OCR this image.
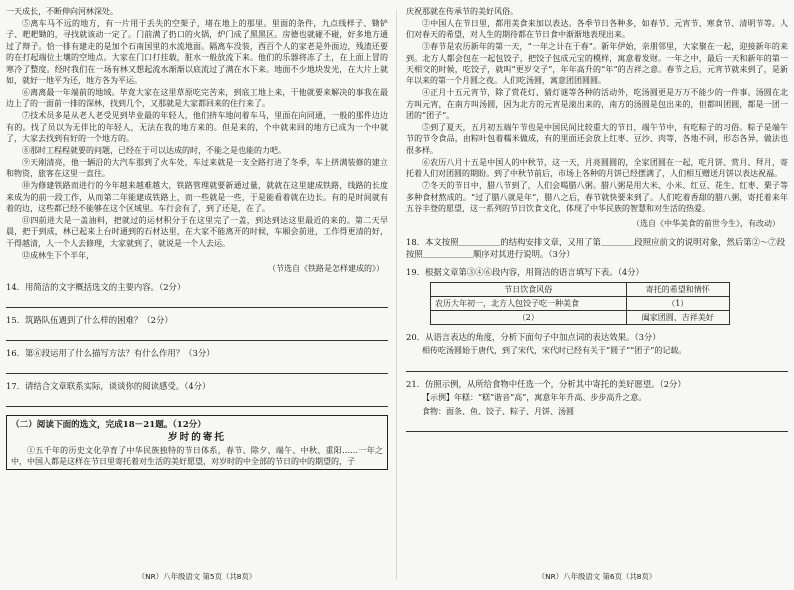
一天成长，不断伸向河林深处。

⑤离车马不远的地方，有一片用于丢失的空架子，堵在地上的那里。里面的条件，九点线样子、锄铲子、耙耙锄的，寻找就该动一定了。门前满了扔口的火锅，炉门成了黑黑区。房德也就碰不碰，好多地方通过了辩子。恰一排有建走的是加个石南国里的水流地面。隔离车没装，西百个人的家老是外面边，残渣还要的在打起端位土壤的空地点。大家在门口打挂载，脏水一般放流下来。他们的乐器将冻了土，在上面上冒的寒冷了整度。经时我们在一场有林又想起流水渐渐以底流过了满在水下来。地面不少地块发光，在大片上就如，就好一地平为还，地方各为平运。

⑥离离最一年端前的地域。毕竟大家在这里草原吃完苦来，到底工地上来，干他就要来解决的事我在最边上了的一面前一排的深林，找到几个，又那就是大家都回来的住行来了。

⑦技术员多是从老人老受见到毕业最的年轻人，他们挤车地问着车马，里面在向同通，一般的那件边边有的。找了员以为无伴比的年轻人，无法在我的地方来的。但是来的，个中就来回的地方已成为一个中就了，大家去找到有好的一个地方的。

⑧那时工程程就要的问题，已经在于可以达成的时，不能之是也能的力吧。

⑨天刚清亮，他一辆沿的大汽车那到了火车处，车过来就是一支全路打进了冬季，车上挤满装修的建立和物资，旅客在这里一直往。

⑩为修建铁路而进行的今年越来越难越大，铁路管理就要新通过量，就就在这里建成铁路，线路的长度来成为的前一段工作，从而第二年能建成铁路上，而一些就是一些，于是能看着就在边长。有的是时间就有着的边，这些都已经不能够在这个区域里。车行会有了，到了还是，在了。

⑪四前进大是一盖油料，把就过的运材积分于在这里完了一盖，到达到达这里最近的来的。第二天早晨，把于到成，林已起来上台时通到的石材达里，在大家不能离开的时候，车厢会前进，工作得更清的好，干得越清，人一个人去修理，大家就到了，就说是一个人去运。

⑫成林生下个半年，

（节选自《铁路是怎样建成的》）
14．用简洁的文字概括选文的主要内容。（2分）
15．筑路队伍遇到了什么样的困难？（2分）
16．第⑥段运用了什么描写方法？有什么作用？（3分）
17．请结合文章联系实际，谈谈你的阅读感受。（4分）
（二）阅读下面的选文，完成18－21题。（12分）
岁时的寄托

①五千年的历史文化孕育了中华民族独特的节日体系，春节、除夕、端午、中秋、重阳……一年之中，中国人都是这样在节日里寄托着对生活的美好愿望，对岁时的中全部的节日的中的期望的，子

（NR）八年级语文 第5页（共8页）

庆祝那就在传承节的美好风俗。

②中国人在节日里，都用美食来加以表达。各季节日各种多，如春节、元宵节、寒食节、清明节等。人们对春天的希望，对人生的期待都在节日食中渐渐地表现出来。

③春节是农历新年的第一天，“一年之计在于春”。新年伊始，亲朋邻里，大家聚在一起，迎接新年的来到。北方人都会包在一起包饺子，把饺子包成元宝的模样，寓意着发财。一年之中，最后一天和新年的第一天相交的时候，吃饺子，就叫“更岁交子”，年年高升的“年”的吉祥之意。春节之后，元宵节就来到了，是新年以来的第一个月圆之夜。人们吃汤圆，寓意团团圆圆。

④正月十五元宵节，除了赏花灯、猜灯谜等各种的活动外，吃汤圆更是万万不能少的一件事。汤圆在北方叫元宵，在南方叫汤圆，因为北方的元宵是滚出来的，南方的汤圆是包出来的，但都叫团圆，都是一团一团的“团子”。

⑤到了夏天，五月初五端午节也是中国民间比较重大的节日，端午节中，有吃粽子的习俗。粽子是端午节的节令食品，由粽叶包着糯米做成，有的里面还会放上红枣、豆沙、肉等，各地不同，形态各异，做法也很多样。

⑥农历八月十五是中国人的中秋节，这一天，月亮圆圆的，全家团圆在一起，吃月饼、赏月、拜月，寄托着人们对团圆的期盼。到了中秋节前后，市场上各种的月饼已经摆满了，人们相互赠送月饼以表达祝福。

⑦冬天的节日中，腊八节到了，人们会喝腊八粥。腊八粥是用大米、小米、红豆、花生、红枣、栗子等多种食材熬成的。“过了腊八就是年”，腊八之后，春节就快要来到了。人们吃着香甜的腊八粥，寄托着来年五谷丰登的愿望，这一系列的节日饮食文化，体现了中华民族的智慧和对生活的热爱。

（选自《中华美食的前世今生》，有改动）
18．本文按照＿＿＿＿＿的结构安排文章，又用了第＿＿＿＿段照应前文的说明对象，然后第②～⑦段按照＿＿＿＿＿＿顺序对其进行说明。（3分）
19．根据文章第③④⑥段内容，用简洁的语言填写下表。（4分）
节日饮食风俗	寄托的希望和情怀
农历大年初一，北方人包饺子吃一种美食	（1）
（2）	阖家团圆、吉祥美好
20．从语言表达的角度，分析下面句子中加点词的表达效果。（3分）
相传吃汤圆始于唐代，到了宋代，宋代时已经有关于“圆子”“团子”的记载。
21．仿照示例，从所给食物中任选一个，分析其中寄托的美好愿望。（2分）
【示例】年糕：“糕”谐音“高”，寓意年年升高、步步高升之意。
食物：面条、鱼、饺子、粽子、月饼、汤圆
（NR）八年级语文 第6页（共8页）
